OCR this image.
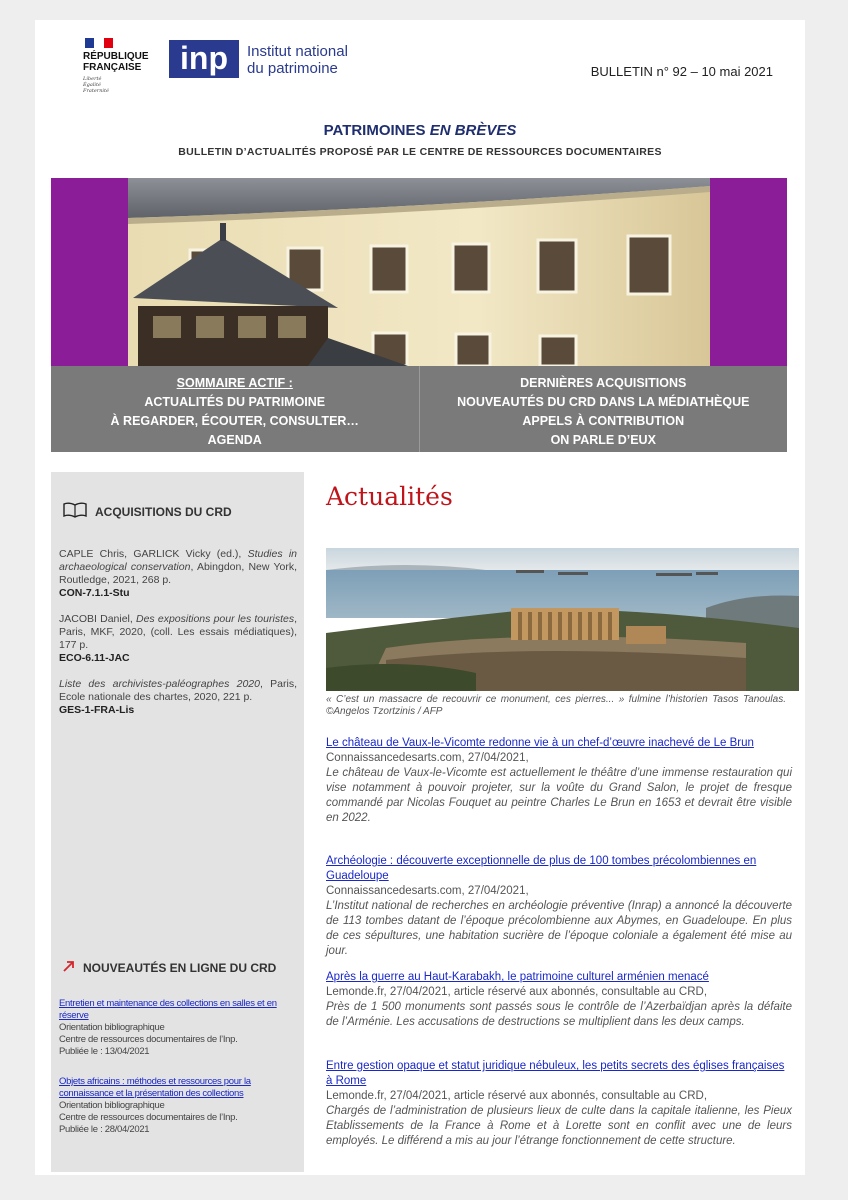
RÉPUBLIQUE
FRANÇAISE
Liberté
Égalité
Fraternité
inp	Institut national
du patrimoine	BULLETIN n° 92 – 10 mai 2021
PATRIMOINES EN BRÈVES
BULLETIN D’ACTUALITÉS PROPOSÉ PAR LE CENTRE DE RESSOURCES DOCUMENTAIRES
SOMMAIRE ACTIF :
ACTUALITÉS DU PATRIMOINE
À REGARDER, ÉCOUTER, CONSULTER…
AGENDA
DERNIÈRES ACQUISITIONS
NOUVEAUTÉS DU CRD DANS LA MÉDIATHÈQUE
APPELS À CONTRIBUTION
ON PARLE D’EUX
ACQUISITIONS DU CRD
CAPLE Chris, GARLICK Vicky (ed.), Studies in archaeological conservation, Abingdon, New York, Routledge, 2021, 268 p.
CON-7.1.1-Stu
JACOBI Daniel, Des expositions pour les touristes, Paris, MKF, 2020, (coll. Les essais médiatiques), 177 p.
ECO-6.11-JAC
Liste des archivistes-paléographes 2020, Paris, Ecole nationale des chartes, 2020, 221 p.
GES-1-FRA-Lis
NOUVEAUTÉS EN LIGNE DU CRD
Entretien et maintenance des collections en salles et en réserve
Orientation bibliographique
Centre de ressources documentaires de l’Inp.
Publiée le : 13/04/2021
Objets africains : méthodes et ressources pour la connaissance et la présentation des collections
Orientation bibliographique
Centre de ressources documentaires de l’Inp.
Publiée le : 28/04/2021
Actualités
« C’est un massacre de recouvrir ce monument, ces pierres... » fulmine l’historien Tasos Tanoulas. ©Angelos Tzortzinis / AFP
Le château de Vaux-le-Vicomte redonne vie à un chef-d’œuvre inachevé de Le Brun
Connaissancedesarts.com, 27/04/2021,
Le château de Vaux-le-Vicomte est actuellement le théâtre d’une immense restauration qui vise notamment à pouvoir projeter, sur la voûte du Grand Salon, le projet de fresque commandé par Nicolas Fouquet au peintre Charles Le Brun en 1653 et devrait être visible en 2022.
Archéologie : découverte exceptionnelle de plus de 100 tombes précolombiennes en Guadeloupe
Connaissancedesarts.com, 27/04/2021,
L’Institut national de recherches en archéologie préventive (Inrap) a annoncé la découverte de 113 tombes datant de l’époque précolombienne aux Abymes, en Guadeloupe. En plus de ces sépultures, une habitation sucrière de l’époque coloniale a également été mise au jour.
Après la guerre au Haut-Karabakh, le patrimoine culturel arménien menacé
Lemonde.fr, 27/04/2021, article réservé aux abonnés, consultable au CRD,
Près de 1 500 monuments sont passés sous le contrôle de l’Azerbaïdjan après la défaite de l’Arménie. Les accusations de destructions se multiplient dans les deux camps.
Entre gestion opaque et statut juridique nébuleux, les petits secrets des églises françaises à Rome
Lemonde.fr, 27/04/2021, article réservé aux abonnés, consultable au CRD,
Chargés de l’administration de plusieurs lieux de culte dans la capitale italienne, les Pieux Etablissements de la France à Rome et à Lorette sont en conflit avec une de leurs employés. Le différend a mis au jour l’étrange fonctionnement de cette structure.
